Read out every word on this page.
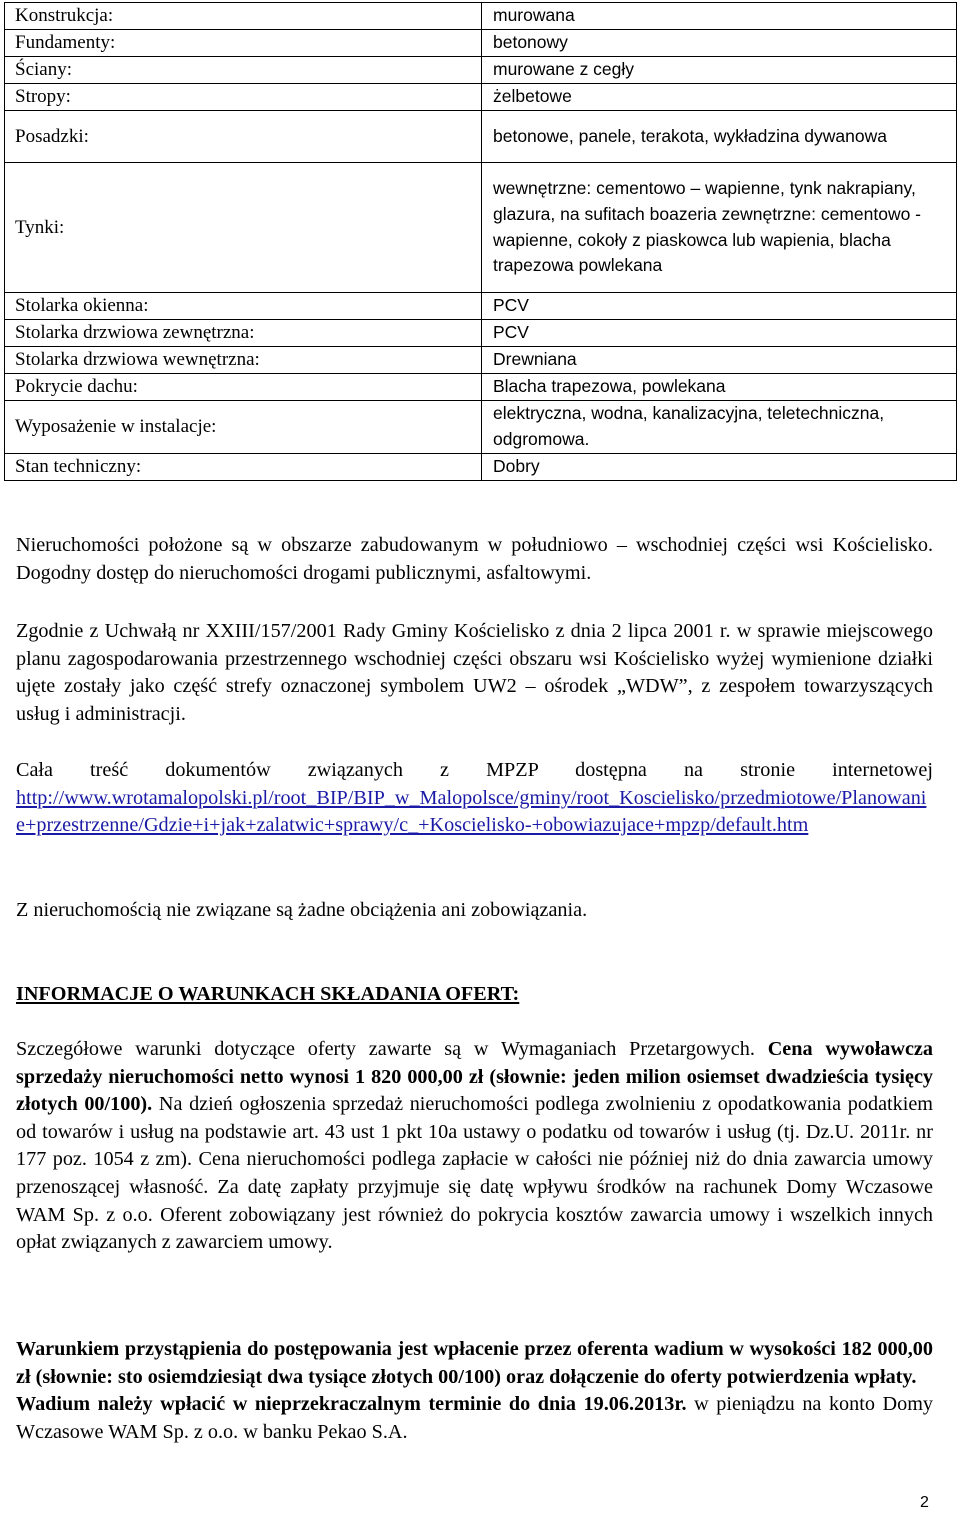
Konstrukcja:	murowana
Fundamenty:	betonowy
Ściany:	murowane z cegły
Stropy:	żelbetowe
Posadzki:	betonowe, panele, terakota, wykładzina dywanowa
Tynki:	wewnętrzne: cementowo – wapienne, tynk nakrapiany, glazura, na sufitach boazeria zewnętrzne: cementowo - wapienne, cokoły z piaskowca lub wapienia, blacha trapezowa powlekana
Stolarka okienna:	PCV
Stolarka drzwiowa zewnętrzna:	PCV
Stolarka drzwiowa wewnętrzna:	Drewniana
Pokrycie dachu:	Blacha trapezowa, powlekana
Wyposażenie w instalacje:	elektryczna, wodna, kanalizacyjna, teletechniczna, odgromowa.
Stan techniczny:	Dobry

Nieruchomości położone są w obszarze zabudowanym w południowo – wschodniej części wsi Kościelisko. Dogodny dostęp do nieruchomości drogami publicznymi, asfaltowymi.

Zgodnie z Uchwałą nr XXIII/157/2001 Rady Gminy Kościelisko z dnia 2 lipca 2001 r. w sprawie miejscowego planu zagospodarowania przestrzennego wschodniej części obszaru wsi Kościelisko wyżej wymienione działki ujęte zostały jako część strefy oznaczonej symbolem UW2 – ośrodek „WDW”, z zespołem towarzyszących usług i administracji.

Cała treść dokumentów związanych z MPZP dostępna na stronie internetowej
http://www.wrotamalopolski.pl/root_BIP/BIP_w_Malopolsce/gminy/root_Koscielisko/przedmiotowe/Planowanie+przestrzenne/Gdzie+i+jak+zalatwic+sprawy/c_+Koscielisko-+obowiazujace+mpzp/default.htm

Z nieruchomością nie związane są żadne obciążenia ani zobowiązania.

INFORMACJE O WARUNKACH SKŁADANIA OFERT:

Szczegółowe warunki dotyczące oferty zawarte są w Wymaganiach Przetargowych. Cena wywoławcza sprzedaży nieruchomości netto wynosi 1 820 000,00 zł (słownie: jeden milion osiemset dwadzieścia tysięcy złotych 00/100). Na dzień ogłoszenia sprzedaż nieruchomości podlega zwolnieniu z opodatkowania podatkiem od towarów i usług na podstawie art. 43 ust 1 pkt 10a ustawy o podatku od towarów i usług (tj. Dz.U. 2011r. nr 177 poz. 1054 z zm). Cena nieruchomości podlega zapłacie w całości nie później niż do dnia zawarcia umowy przenoszącej własność. Za datę zapłaty przyjmuje się datę wpływu środków na rachunek Domy Wczasowe WAM Sp. z o.o. Oferent zobowiązany jest również do pokrycia kosztów zawarcia umowy i wszelkich innych opłat związanych z zawarciem umowy.

Warunkiem przystąpienia do postępowania jest wpłacenie przez oferenta wadium w wysokości 182 000,00 zł (słownie: sto osiemdziesiąt dwa tysiące złotych 00/100) oraz dołączenie do oferty potwierdzenia wpłaty.
Wadium należy wpłacić w nieprzekraczalnym terminie do dnia 19.06.2013r. w pieniądzu na konto Domy Wczasowe WAM Sp. z o.o. w banku Pekao S.A.

2
